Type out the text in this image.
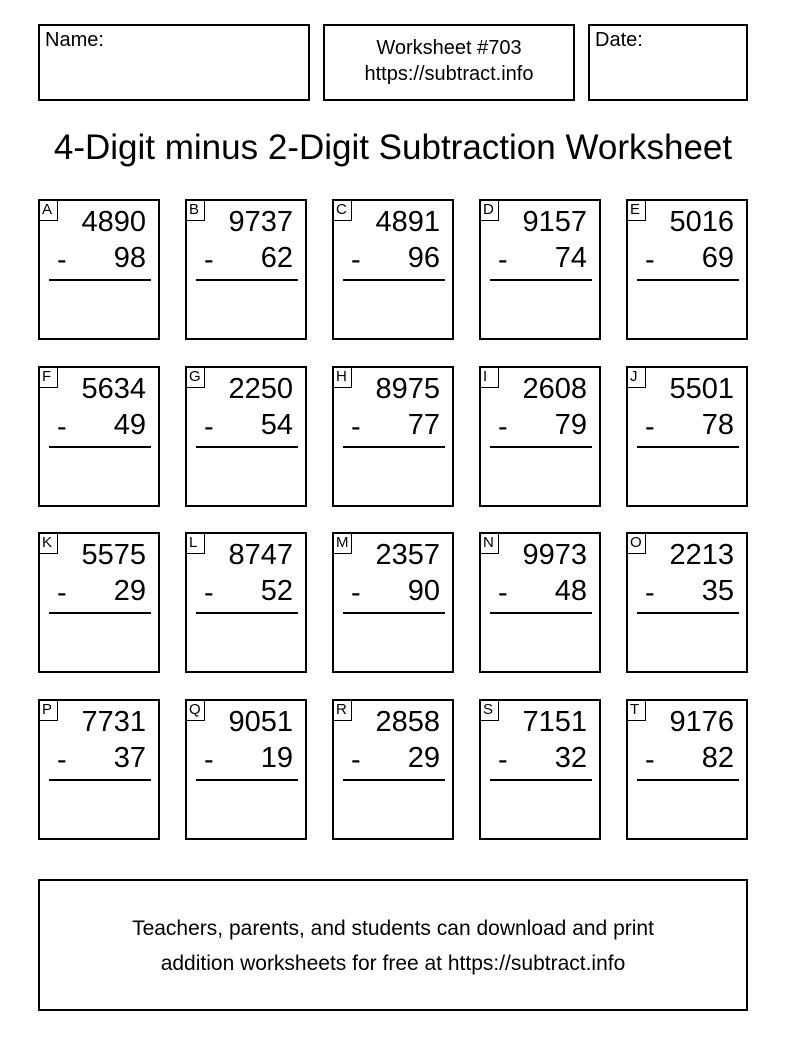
Name:	Worksheet #703
https://subtract.info
Date:
4-Digit minus 2-Digit Subtraction Worksheet
A 4890
- 98
B 9737
- 62
C 4891
- 96
D 9157
- 74
E 5016
- 69
F 5634
- 49
G 2250
- 54
H 8975
- 77
I	2608
- 79
J 5501
- 78
K 5575
- 29
L 8747
- 52
M 2357
- 90
N 9973
- 48
O 2213
- 35
P 7731
- 37
Q 9051
- 19
R 2858
- 29
S 7151
- 32
T 9176
- 82
Teachers, parents, and students can download and print
addition worksheets for free at https://subtract.info
